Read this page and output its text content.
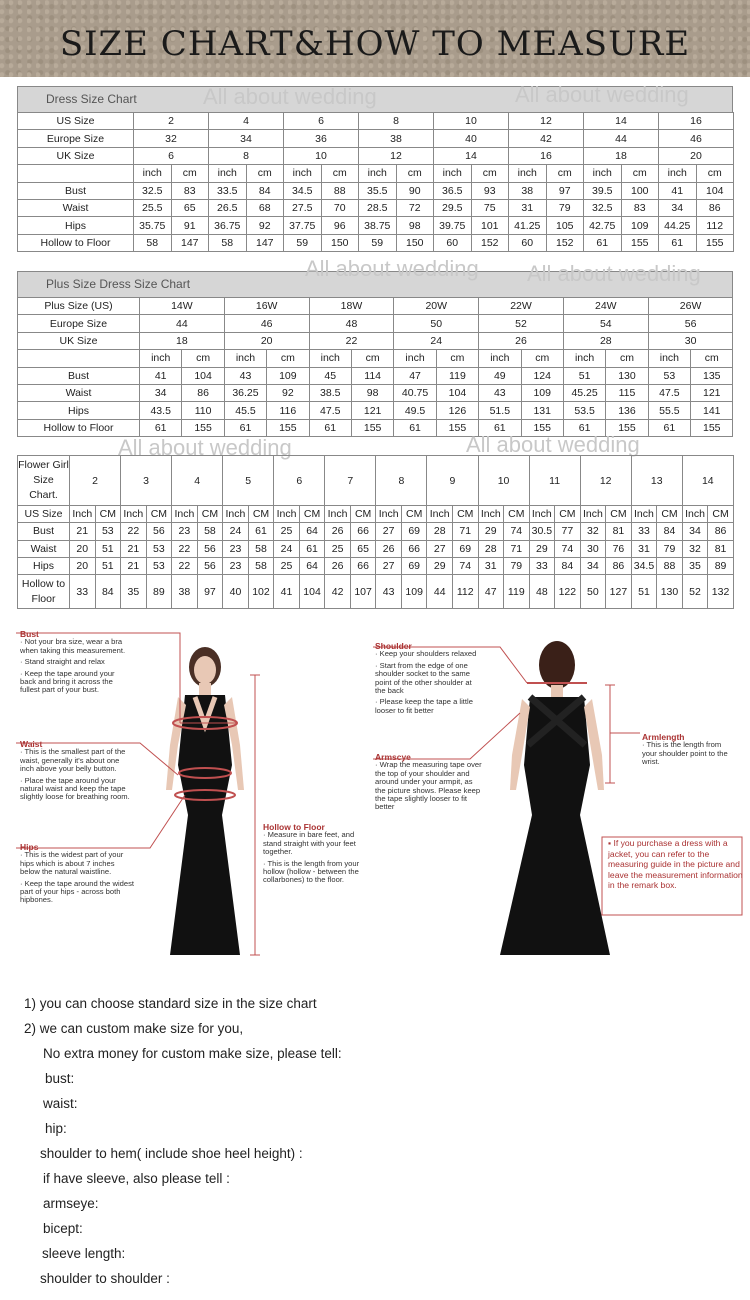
SIZE CHART&HOW TO MEASURE
Dress Size Chart	All about wedding	All about wedding
US Size	2		4		6		8		10		12		14		16	
Europe Size	32		34		36		38		40		42		44		46	
UK Size	6		8		10		12		14		16		18		20	
	inch	cm	inch	cm	inch	cm	inch	cm	inch	cm	inch	cm	inch	cm	inch	cm
Bust	32.5	83	33.5	84	34.5	88	35.5	90	36.5	93	38	97	39.5	100	41	104
Waist	25.5	65	26.5	68	27.5	70	28.5	72	29.5	75	31	79	32.5	83	34	86
Hips	35.75	91	36.75	92	37.75	96	38.75	98	39.75	101	41.25	105	42.75	109	44.25	112
Hollow to Floor	58	147	58	147	59	150	59	150	60	152	60	152	61	155	61	155
Plus Size Dress Size Chart
All about wedding All about wedding
Plus Size (US)	14W		16W		18W		20W		22W		24W		26W	
Europe Size	44		46		48		50		52		54		56	
UK Size	18		20		22		24		26		28		30	
	inch	cm	inch	cm	inch	cm	inch	cm	inch	cm	inch	cm	inch	cm
Bust	41	104	43	109	45	114	47	119	49	124	51	130	53	135
Waist	34	86	36.25	92	38.5	98	40.75	104	43	109	45.25	115	47.5	121
Hips	43.5	110	45.5	116	47.5	121	49.5	126	51.5	131	53.5	136	55.5	141
Hollow to Floor	61	155	61	155	61	155	61	155	61	155	61	155	61	155
All about wedding	All about wedding
Flower Girl Size Chart.	2		3		4		5		6		7		8		9		10		11		12		13		14	
US Size	Inch	CM	Inch	CM	Inch	CM	Inch	CM	Inch	CM	Inch	CM	Inch	CM	Inch	CM	Inch	CM	Inch	CM	Inch	CM	Inch	CM	Inch	CM
Bust	21	53	22	56	23	58	24	61	25	64	26	66	27	69	28	71	29	74	30.5	77	32	81	33	84	34	86
Waist	20	51	21	53	22	56	23	58	24	61	25	65	26	66	27	69	28	71	29	74	30	76	31	79	32	81
Hips	20	51	21	53	22	56	23	58	25	64	26	66	27	69	29	74	31	79	33	84	34	86	34.5	88	35	89
Hollow to Floor	33	84	35	89	38	97	40	102	41	104	42	107	43	109	44	112	47	119	48	122	50	127	51	130	52	132
Bust
· Not your bra size, wear a bra when taking this measurement.
· Stand straight and relax
· Keep the tape around your back and bring it across the fullest part of your bust.
Waist
· This is the smallest part of the waist, generally it's about one inch above your belly button.
· Place the tape around your natural waist and keep the tape slightly loose for breathing room.
Hips
· This is the widest part of your hips which is about 7 inches below the natural waistline.
· Keep the tape around the widest part of your hips - across both hipbones.
Hollow to Floor
· Measure in bare feet, and stand straight with your feet together.
· This is the length from your hollow (hollow - between the collarbones) to the floor.
Shoulder
· Keep your shoulders relaxed
· Start from the edge of one shoulder socket to the same point of the other shoulder at the back
· Please keep the tape a little looser to fit better
Armscye
· Wrap the measuring tape over the top of your shoulder and around under your armpit, as the picture shows. Please keep the tape slightly looser to fit better
Armlength
· This is the length from your shoulder point to the wrist.
▪ If you purchase a dress with a jacket, you can refer to the measuring guide in the picture and leave the measurement information in the remark box.
1) you can choose standard size in the size chart
2) we can custom make size for you,
No extra money for custom make size, please tell:
bust:
waist:
hip:
shoulder to hem( include shoe heel height) :
if have sleeve, also please tell :
armseye:
bicept:
sleeve length:
shoulder to shoulder :
